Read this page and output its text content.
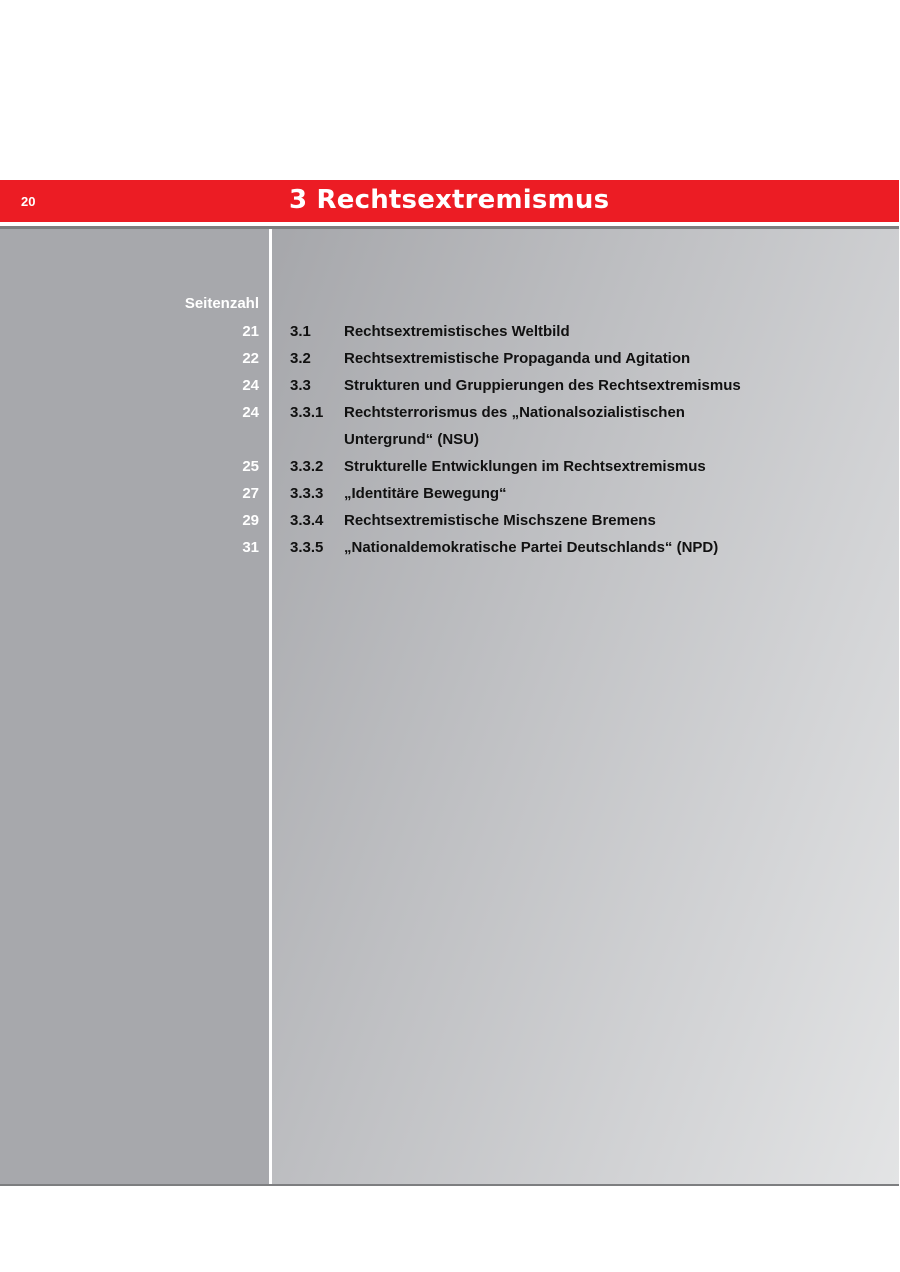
20	3 Rechtsextremismus
Seitenzahl
21 3.1 Rechtsextremistisches Weltbild
22 3.2 Rechtsextremistische Propaganda und Agitation
24 3.3 Strukturen und Gruppierungen des Rechtsextremismus
24 3.3.1 Rechtsterrorismus des „Nationalsozialistischen Untergrund“ (NSU)
25 3.3.2 Strukturelle Entwicklungen im Rechtsextremismus
27 3.3.3 „Identitäre Bewegung“
29 3.3.4 Rechtsextremistische Mischszene Bremens
31 3.3.5 „Nationaldemokratische Partei Deutschlands“ (NPD)
